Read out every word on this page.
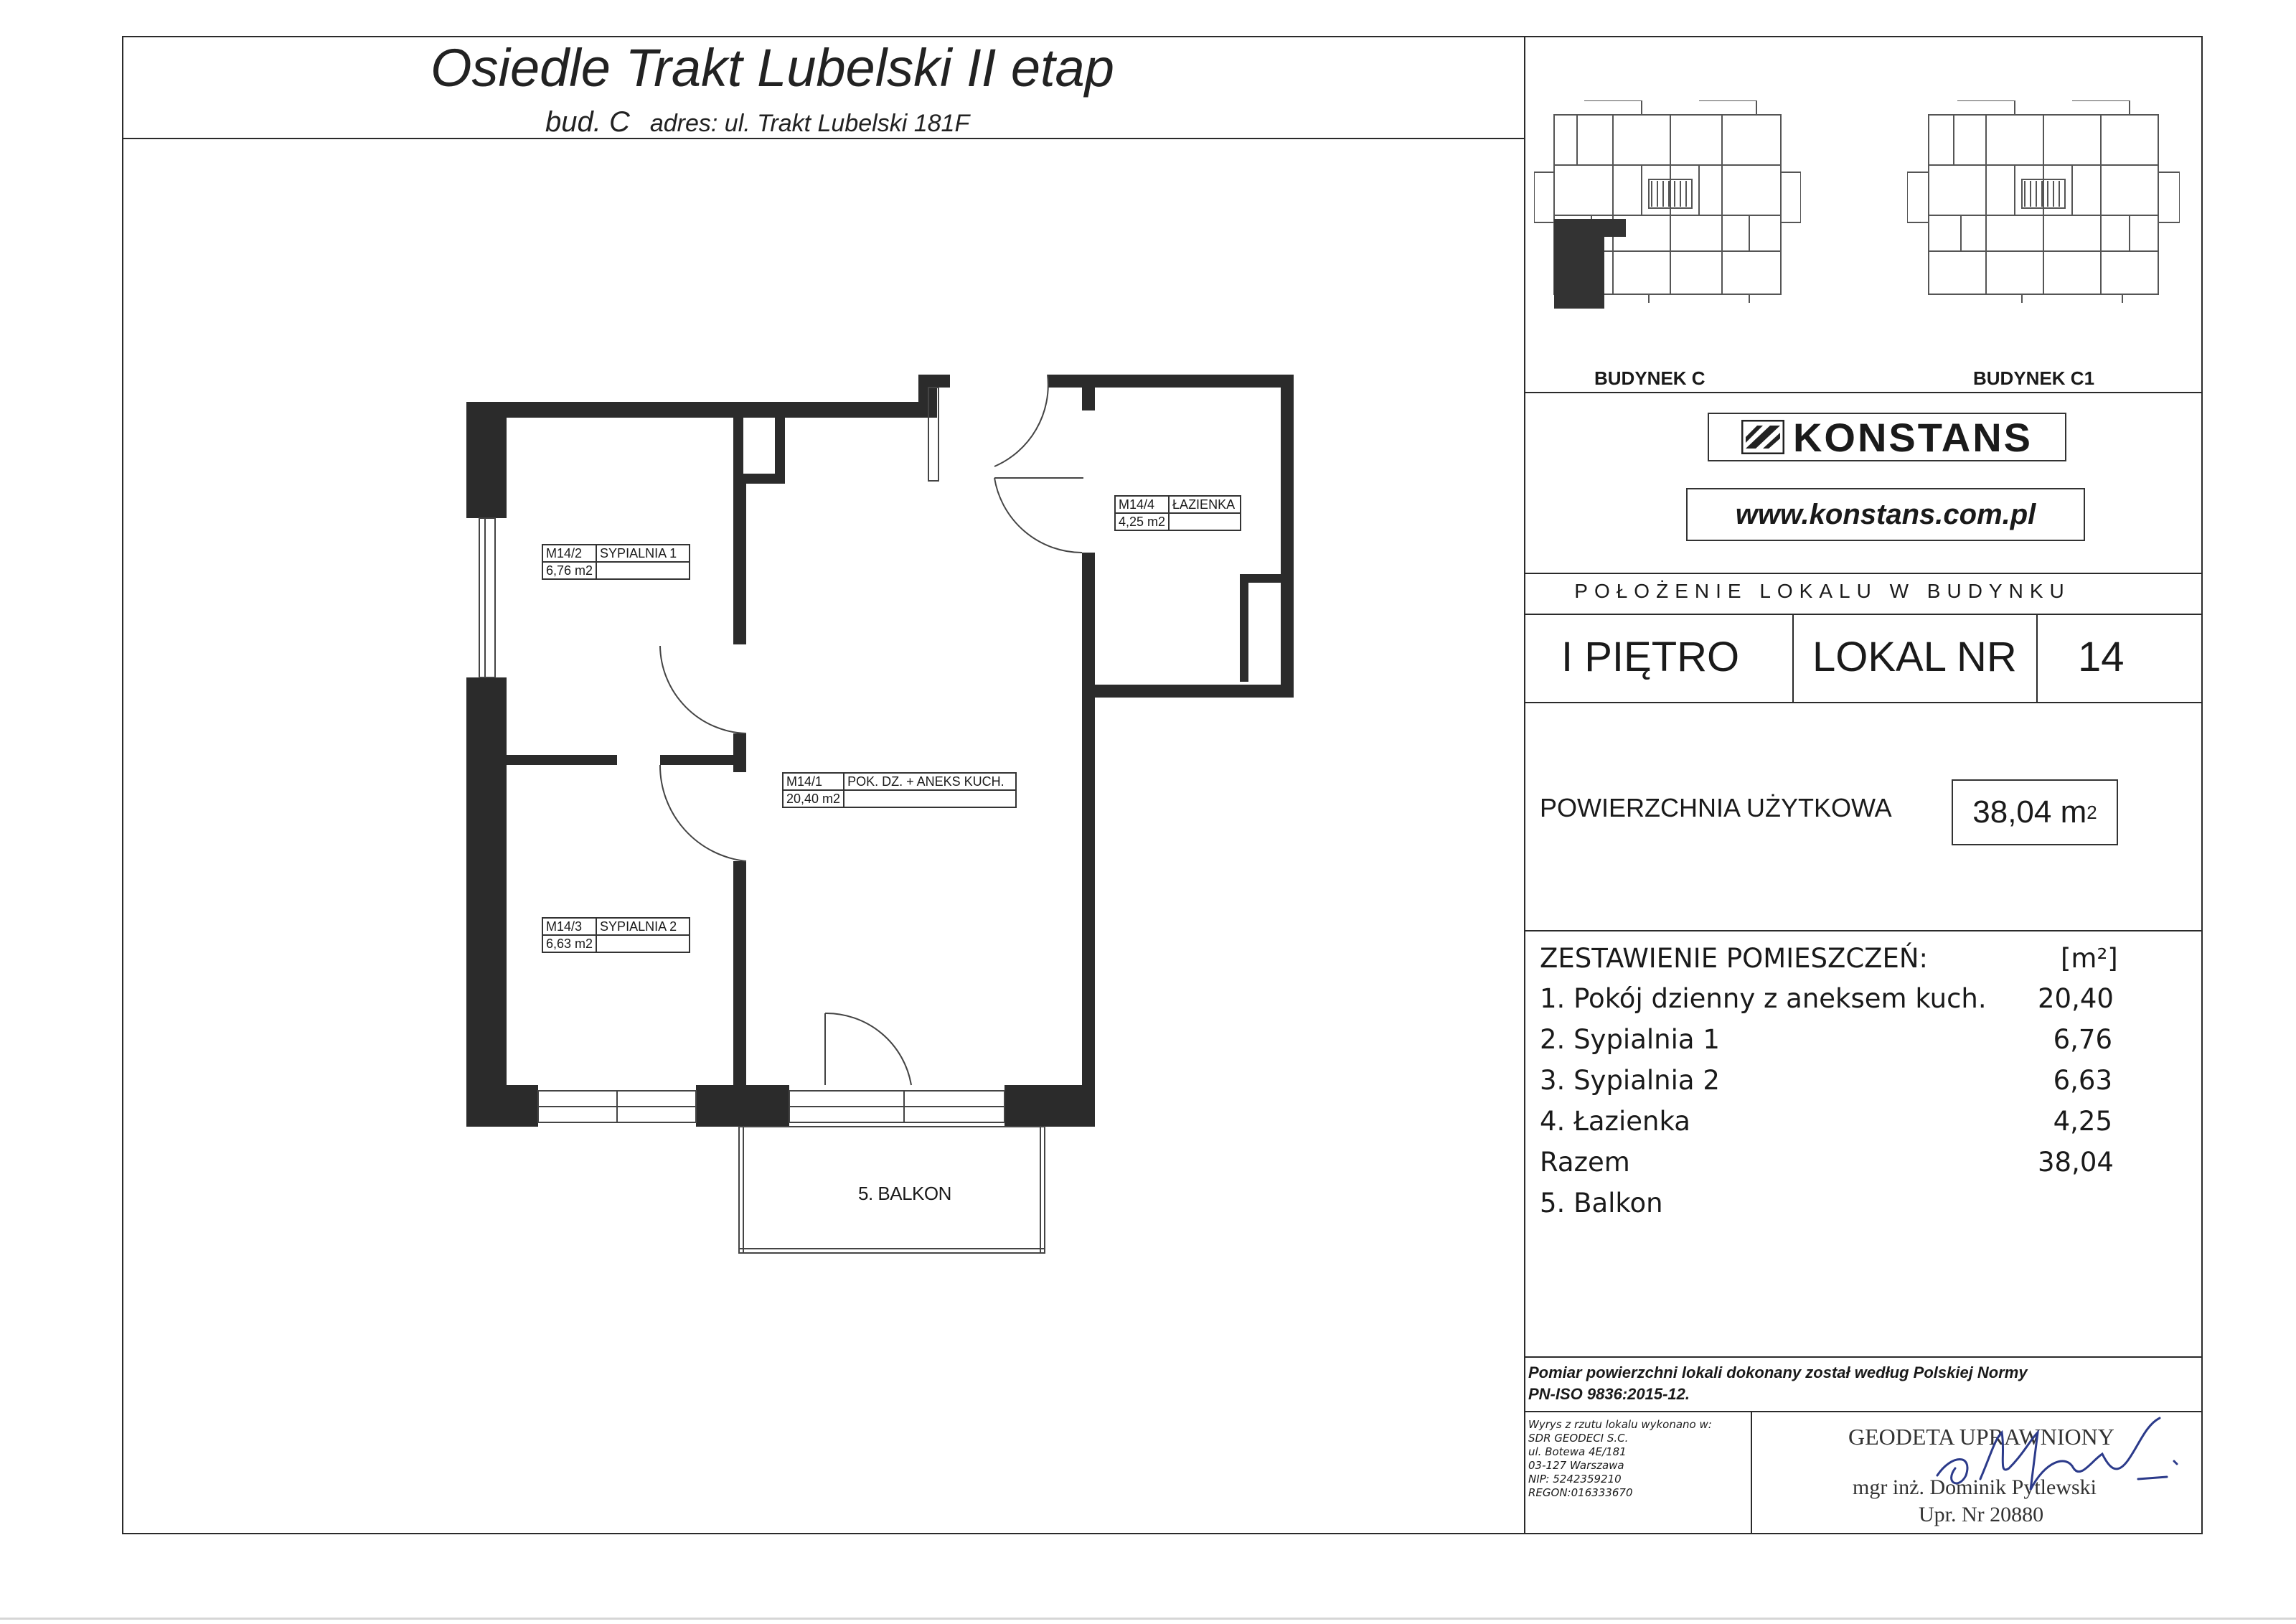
Osiedle Trakt Lubelski II etap
bud. C adres: ul. Trakt Lubelski 181F
BUDYNEK C	BUDYNEK C1
KONSTANS
www.konstans.com.pl
POŁOŻENIE LOKALU W BUDYNKU
I PIĘTRO LOKAL NR 14
POWIERZCHNIA UŻYTKOWA	38,04 m 2
ZESTAWIENIE POMIESZCZEŃ:	[m²]
1. Pokój dzienny z aneksem kuch. 20,40
2. Sypialnia 1	6,76
3. Sypialnia 2	6,63
4. Łazienka	4,25
Razem	38,04
5. Balkon
Pomiar powierzchni lokali dokonany został według Polskiej Normy
PN-ISO 9836:2015-12.
Wyrys z rzutu lokalu wykonano w:
SDR GEODECI S.C.
ul. Botewa 4E/181
03-127 Warszawa
NIP: 5242359210
REGON:016333670
GEODETA UPRAWNIONY
mgr inż. Dominik Pytlewski
Upr. Nr 20880
M14/2	SYPIALNIA 1
6,76 m2
M14/3	SYPIALNIA 2
6,63 m2
M14/1	POK. DZ. + ANEKS KUCH.
20,40 m2
M14/4	ŁAZIENKA
4,25 m2
5. BALKON
